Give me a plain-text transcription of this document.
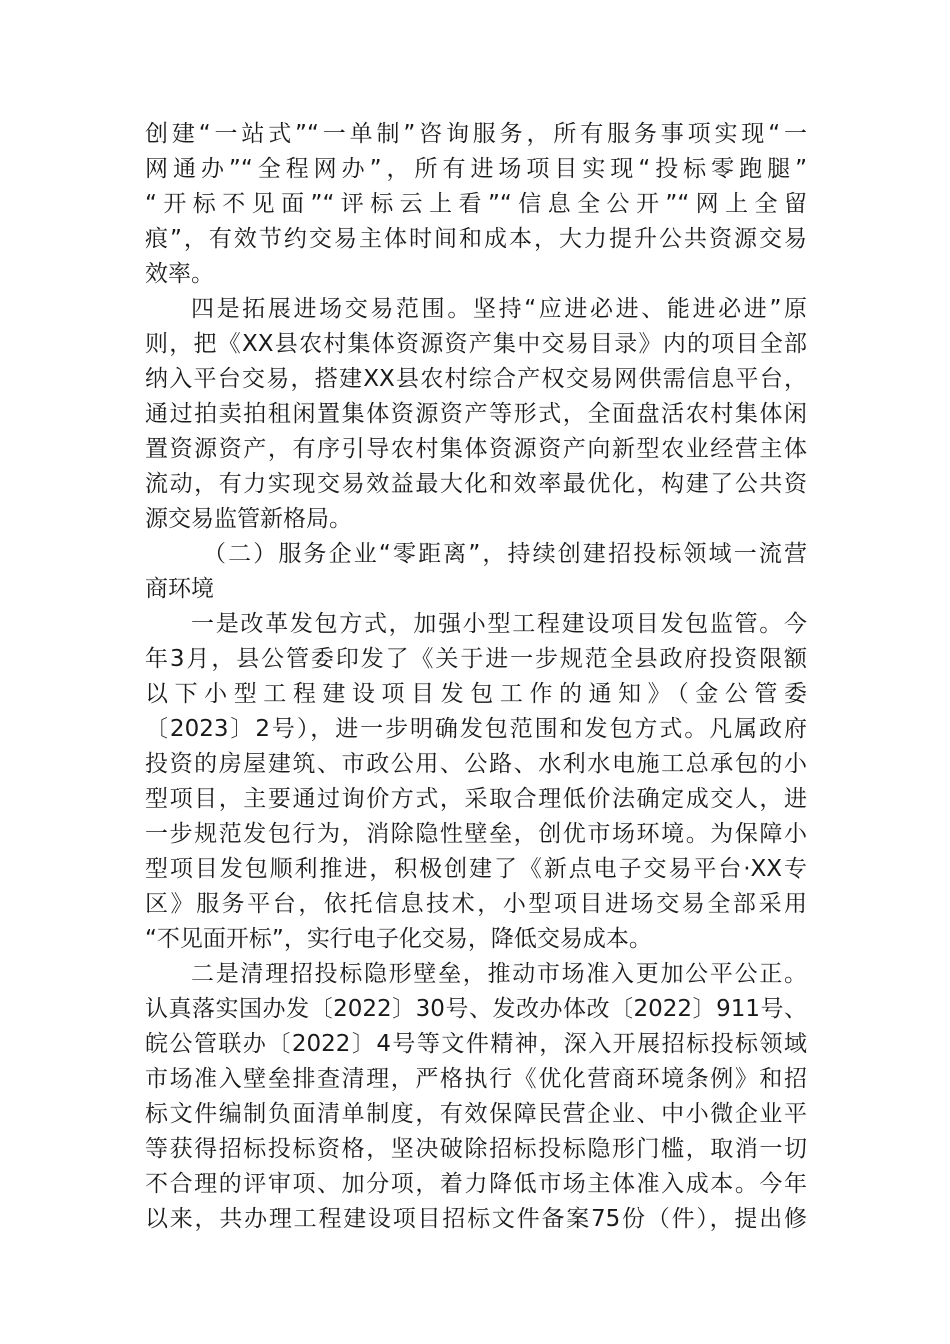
创建“一站式”“一单制”咨询服务，所有服务事项实现“一
网通办”“全程网办”，所有进场项目实现“投标零跑腿”
“开标不见面”“评标云上看”“信息全公开”“网上全留
痕”，有效节约交易主体时间和成本，大力提升公共资源交易
效率。
四是拓展进场交易范围。坚持“应进必进、能进必进”原
则，把《XX县农村集体资源资产集中交易目录》内的项目全部
纳入平台交易，搭建XX县农村综合产权交易网供需信息平台，
通过拍卖拍租闲置集体资源资产等形式，全面盘活农村集体闲
置资源资产，有序引导农村集体资源资产向新型农业经营主体
流动，有力实现交易效益最大化和效率最优化，构建了公共资
源交易监管新格局。
（二）服务企业“零距离”，持续创建招投标领域一流营
商环境
一是改革发包方式，加强小型工程建设项目发包监管。今
年3月，县公管委印发了《关于进一步规范全县政府投资限额
以下小型工程建设项目发包工作的通知》（金公管委
〔2023〕2号），进一步明确发包范围和发包方式。凡属政府
投资的房屋建筑、市政公用、公路、水利水电施工总承包的小
型项目，主要通过询价方式，采取合理低价法确定成交人，进
一步规范发包行为，消除隐性壁垒，创优市场环境。为保障小
型项目发包顺利推进，积极创建了《新点电子交易平台·XX专
区》服务平台，依托信息技术，小型项目进场交易全部采用
“不见面开标”，实行电子化交易，降低交易成本。
二是清理招投标隐形壁垒，推动市场准入更加公平公正。
认真落实国办发〔2022〕30号、发改办体改〔2022〕911号、
皖公管联办〔2022〕4号等文件精神，深入开展招标投标领域
市场准入壁垒排查清理，严格执行《优化营商环境条例》和招
标文件编制负面清单制度，有效保障民营企业、中小微企业平
等获得招标投标资格，坚决破除招标投标隐形门槛，取消一切
不合理的评审项、加分项，着力降低市场主体准入成本。今年
以来，共办理工程建设项目招标文件备案75份（件），提出修
